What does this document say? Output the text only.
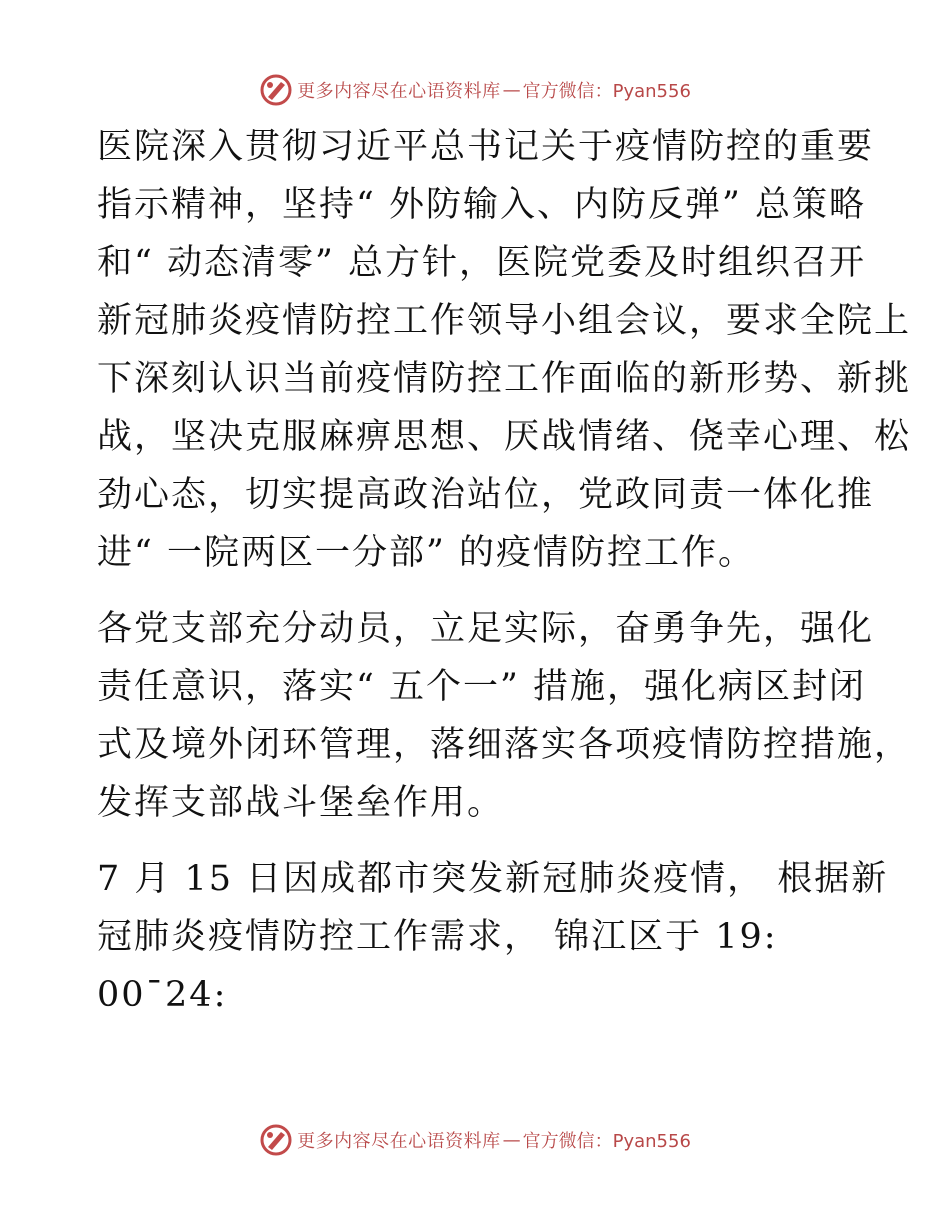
更多内容尽在心语资料库 — 官方微信：Pyan556

医院深入贯彻习近平总书记关于疫情防控的重要
指示精神，坚持“ 外防输入、内防反弹” 总策略
和“ 动态清零” 总方针，医院党委及时组织召开
新冠肺炎疫情防控工作领导小组会议，要求全院上
下深刻认识当前疫情防控工作面临的新形势、新挑
战，坚决克服麻痹思想、厌战情绪、侥幸心理、松
劲心态，切实提高政治站位，党政同责一体化推
进“ 一院两区一分部” 的疫情防控工作。

各党支部充分动员，立足实际，奋勇争先，强化
责任意识，落实“ 五个一” 措施，强化病区封闭
式及境外闭环管理，落细落实各项疫情防控措施，
发挥支部战斗堡垒作用。

7 月 15 日因成都市突发新冠肺炎疫情， 根据新
冠肺炎疫情防控工作需求， 锦江区于 19:
00¯24:

更多内容尽在心语资料库 — 官方微信：Pyan556
